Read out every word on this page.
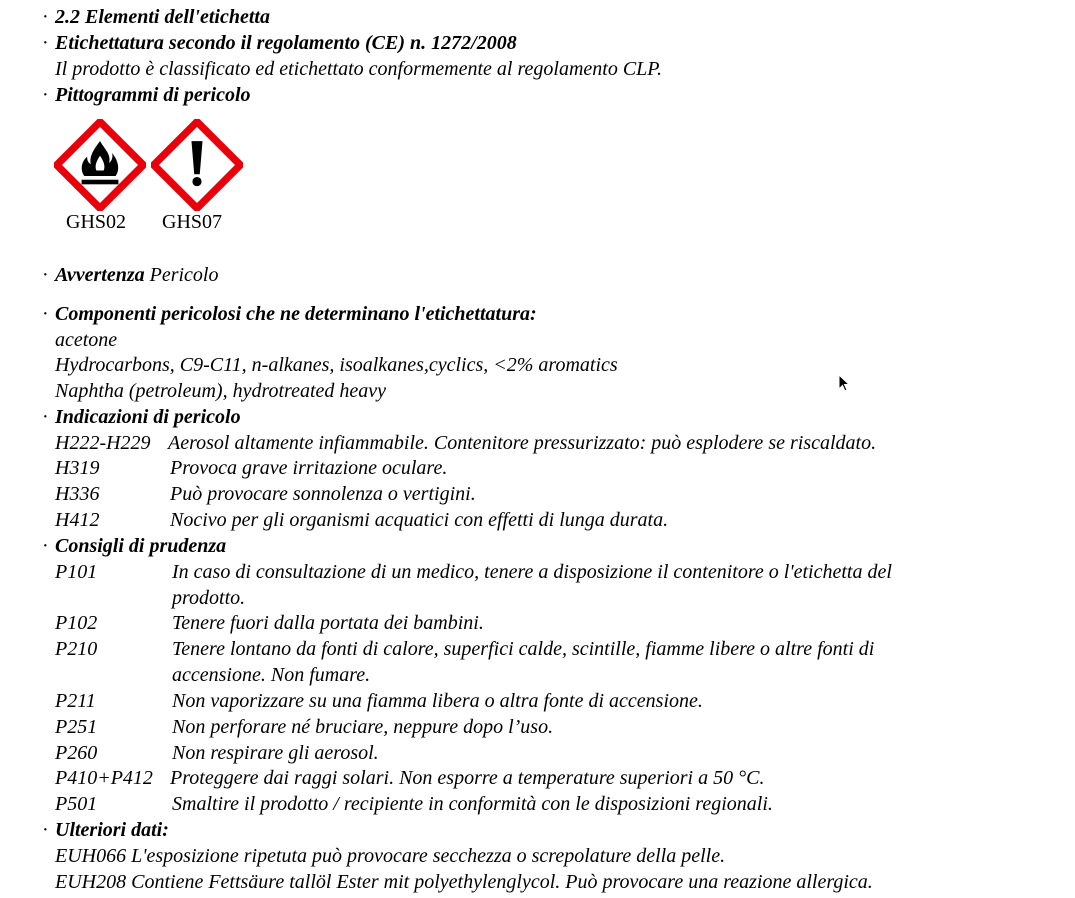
· 2.2 Elementi dell'etichetta
· Etichettatura secondo il regolamento (CE) n. 1272/2008
Il prodotto è classificato ed etichettato conformemente al regolamento CLP.
· Pittogrammi di pericolo
GHS02 GHS07
· Avvertenza Pericolo
· Componenti pericolosi che ne determinano l'etichettatura:
acetone
Hydrocarbons, C9-C11, n-alkanes, isoalkanes,cyclics, <2% aromatics
Naphtha (petroleum), hydrotreated heavy
· Indicazioni di pericolo
H222-H229 Aerosol altamente infiammabile. Contenitore pressurizzato: può esplodere se riscaldato.
H319	Provoca grave irritazione oculare.
H336	Può provocare sonnolenza o vertigini.
H412	Nocivo per gli organismi acquatici con effetti di lunga durata.
· Consigli di prudenza
P101	In caso di consultazione di un medico, tenere a disposizione il contenitore o l'etichetta del
prodotto.
P102	Tenere fuori dalla portata dei bambini.
P210	Tenere lontano da fonti di calore, superfici calde, scintille, fiamme libere o altre fonti di
accensione. Non fumare.
P211	Non vaporizzare su una fiamma libera o altra fonte di accensione.
P251	Non perforare né bruciare, neppure dopo l’uso.
P260	Non respirare gli aerosol.
P410+P412 Proteggere dai raggi solari. Non esporre a temperature superiori a 50 °C.
P501	Smaltire il prodotto / recipiente in conformità con le disposizioni regionali.
· Ulteriori dati:
EUH066 L'esposizione ripetuta può provocare secchezza o screpolature della pelle.
EUH208 Contiene Fettsäure tallöl Ester mit polyethylenglycol. Può provocare una reazione allergica.
